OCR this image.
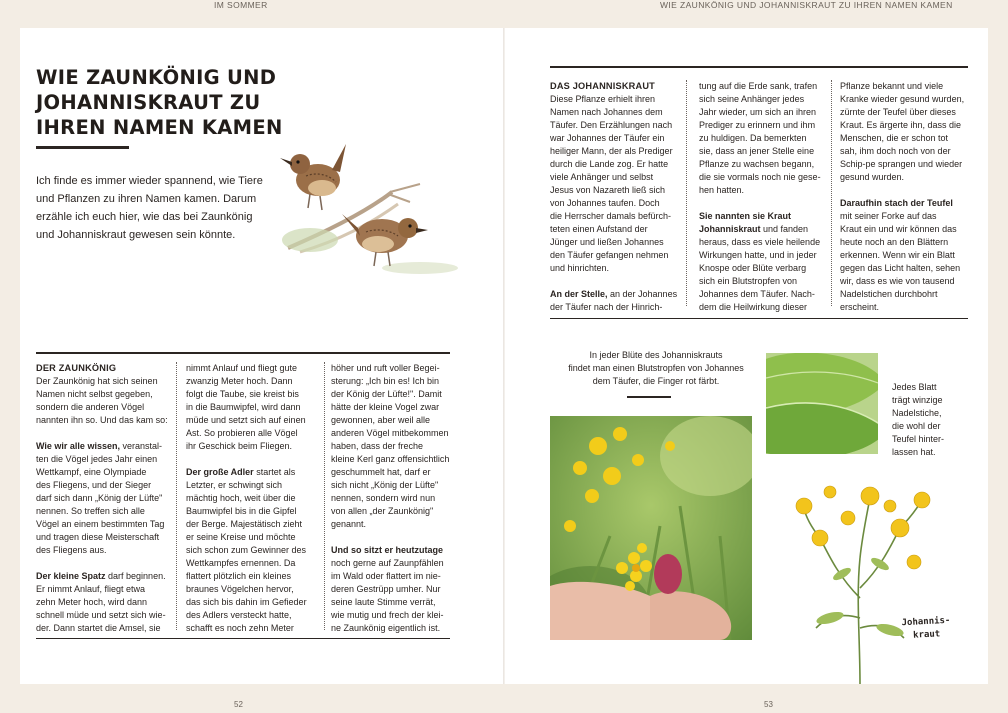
IM SOMMER	WIE ZAUNKÖNIG UND JOHANNISKRAUT ZU IHREN NAMEN KAMEN
52	53
WIE ZAUNKÖNIG UND
JOHANNISKRAUT ZU
IHREN NAMEN KAMEN
Ich finde es immer wieder spannend, wie Tiere
und Pflanzen zu ihren Namen kamen. Darum
erzähle ich euch hier, wie das bei Zaunkönig
und Johanniskraut gewesen sein könnte.
DAS JOHANNISKRAUT

Diese Pflanze erhielt ihren
Namen nach Johannes dem
Täufer. Den Erzählungen nach
war Johannes der Täufer ein
heiliger Mann, der als Prediger
durch die Lande zog. Er hatte
viele Anhänger und selbst
Jesus von Nazareth ließ sich
von Johannes taufen. Doch
die Herrscher damals befürch-
teten einen Aufstand der
Jünger und ließen Johannes
den Täufer gefangen nehmen
und hinrichten.

An der Stelle, an der Johannes
der Täufer nach der Hinrich-

tung auf die Erde sank, trafen
sich seine Anhänger jedes
Jahr wieder, um sich an ihren
Prediger zu erinnern und ihm
zu huldigen. Da bemerkten
sie, dass an jener Stelle eine
Pflanze zu wachsen begann,
die sie vormals noch nie gese-
hen hatten.

Sie nannten sie Kraut
Johanniskraut und fanden
heraus, dass es viele heilende
Wirkungen hatte, und in jeder
Knospe oder Blüte verbarg
sich ein Blutstropfen von
Johannes dem Täufer. Nach-
dem die Heilwirkung dieser

Pflanze bekannt und viele
Kranke wieder gesund wurden,
zürnte der Teufel über dieses
Kraut. Es ärgerte ihn, dass die
Menschen, die er schon tot
sah, ihm doch noch von der
Schip-pe sprangen und wieder
gesund wurden.

Daraufhin stach der Teufel
mit seiner Forke auf das
Kraut ein und wir können das
heute noch an den Blättern
erkennen. Wenn wir ein Blatt
gegen das Licht halten, sehen
wir, dass es wie von tausend
Nadelstichen durchbohrt
erscheint.

DER ZAUNKÖNIG

Der Zaunkönig hat sich seinen
Namen nicht selbst gegeben,
sondern die anderen Vögel
nannten ihn so. Und das kam so:

Wie wir alle wissen, veranstal-
ten die Vögel jedes Jahr einen
Wettkampf, eine Olympiade
des Fliegens, und der Sieger
darf sich dann „König der Lüfte"
nennen. So treffen sich alle
Vögel an einem bestimmten Tag
und tragen diese Meisterschaft
des Fliegens aus.

Der kleine Spatz darf beginnen.
Er nimmt Anlauf, fliegt etwa
zehn Meter hoch, wird dann
schnell müde und setzt sich wie-
der. Dann startet die Amsel, sie

nimmt Anlauf und fliegt gute
zwanzig Meter hoch. Dann
folgt die Taube, sie kreist bis
in die Baumwipfel, wird dann
müde und setzt sich auf einen
Ast. So probieren alle Vögel
ihr Geschick beim Fliegen.

Der große Adler startet als
Letzter, er schwingt sich
mächtig hoch, weit über die
Baumwipfel bis in die Gipfel
der Berge. Majestätisch zieht
er seine Kreise und möchte
sich schon zum Gewinner des
Wettkampfes ernennen. Da
flattert plötzlich ein kleines
braunes Vögelchen hervor,
das sich bis dahin im Gefieder
des Adlers versteckt hatte,
schafft es noch zehn Meter

höher und ruft voller Begei-
sterung: „Ich bin es! Ich bin
der König der Lüfte!". Damit
hätte der kleine Vogel zwar
gewonnen, aber weil alle
anderen Vögel mitbekommen
haben, dass der freche
kleine Kerl ganz offensichtlich
geschummelt hat, darf er
sich nicht „König der Lüfte"
nennen, sondern wird nun
von allen „der Zaunkönig"
genannt.

Und so sitzt er heutzutage
noch gerne auf Zaunpfählen
im Wald oder flattert im nie-
deren Gestrüpp umher. Nur
seine laute Stimme verrät,
wie mutig und frech der klei-
ne Zaunkönig eigentlich ist.

In jeder Blüte des Johanniskrauts
findet man einen Blutstropfen von Johannes
dem Täufer, die Finger rot färbt.
Jedes Blatt
trägt winzige
Nadelstiche,
die wohl der
Teufel hinter-
lassen hat.
Johannis-
kraut
